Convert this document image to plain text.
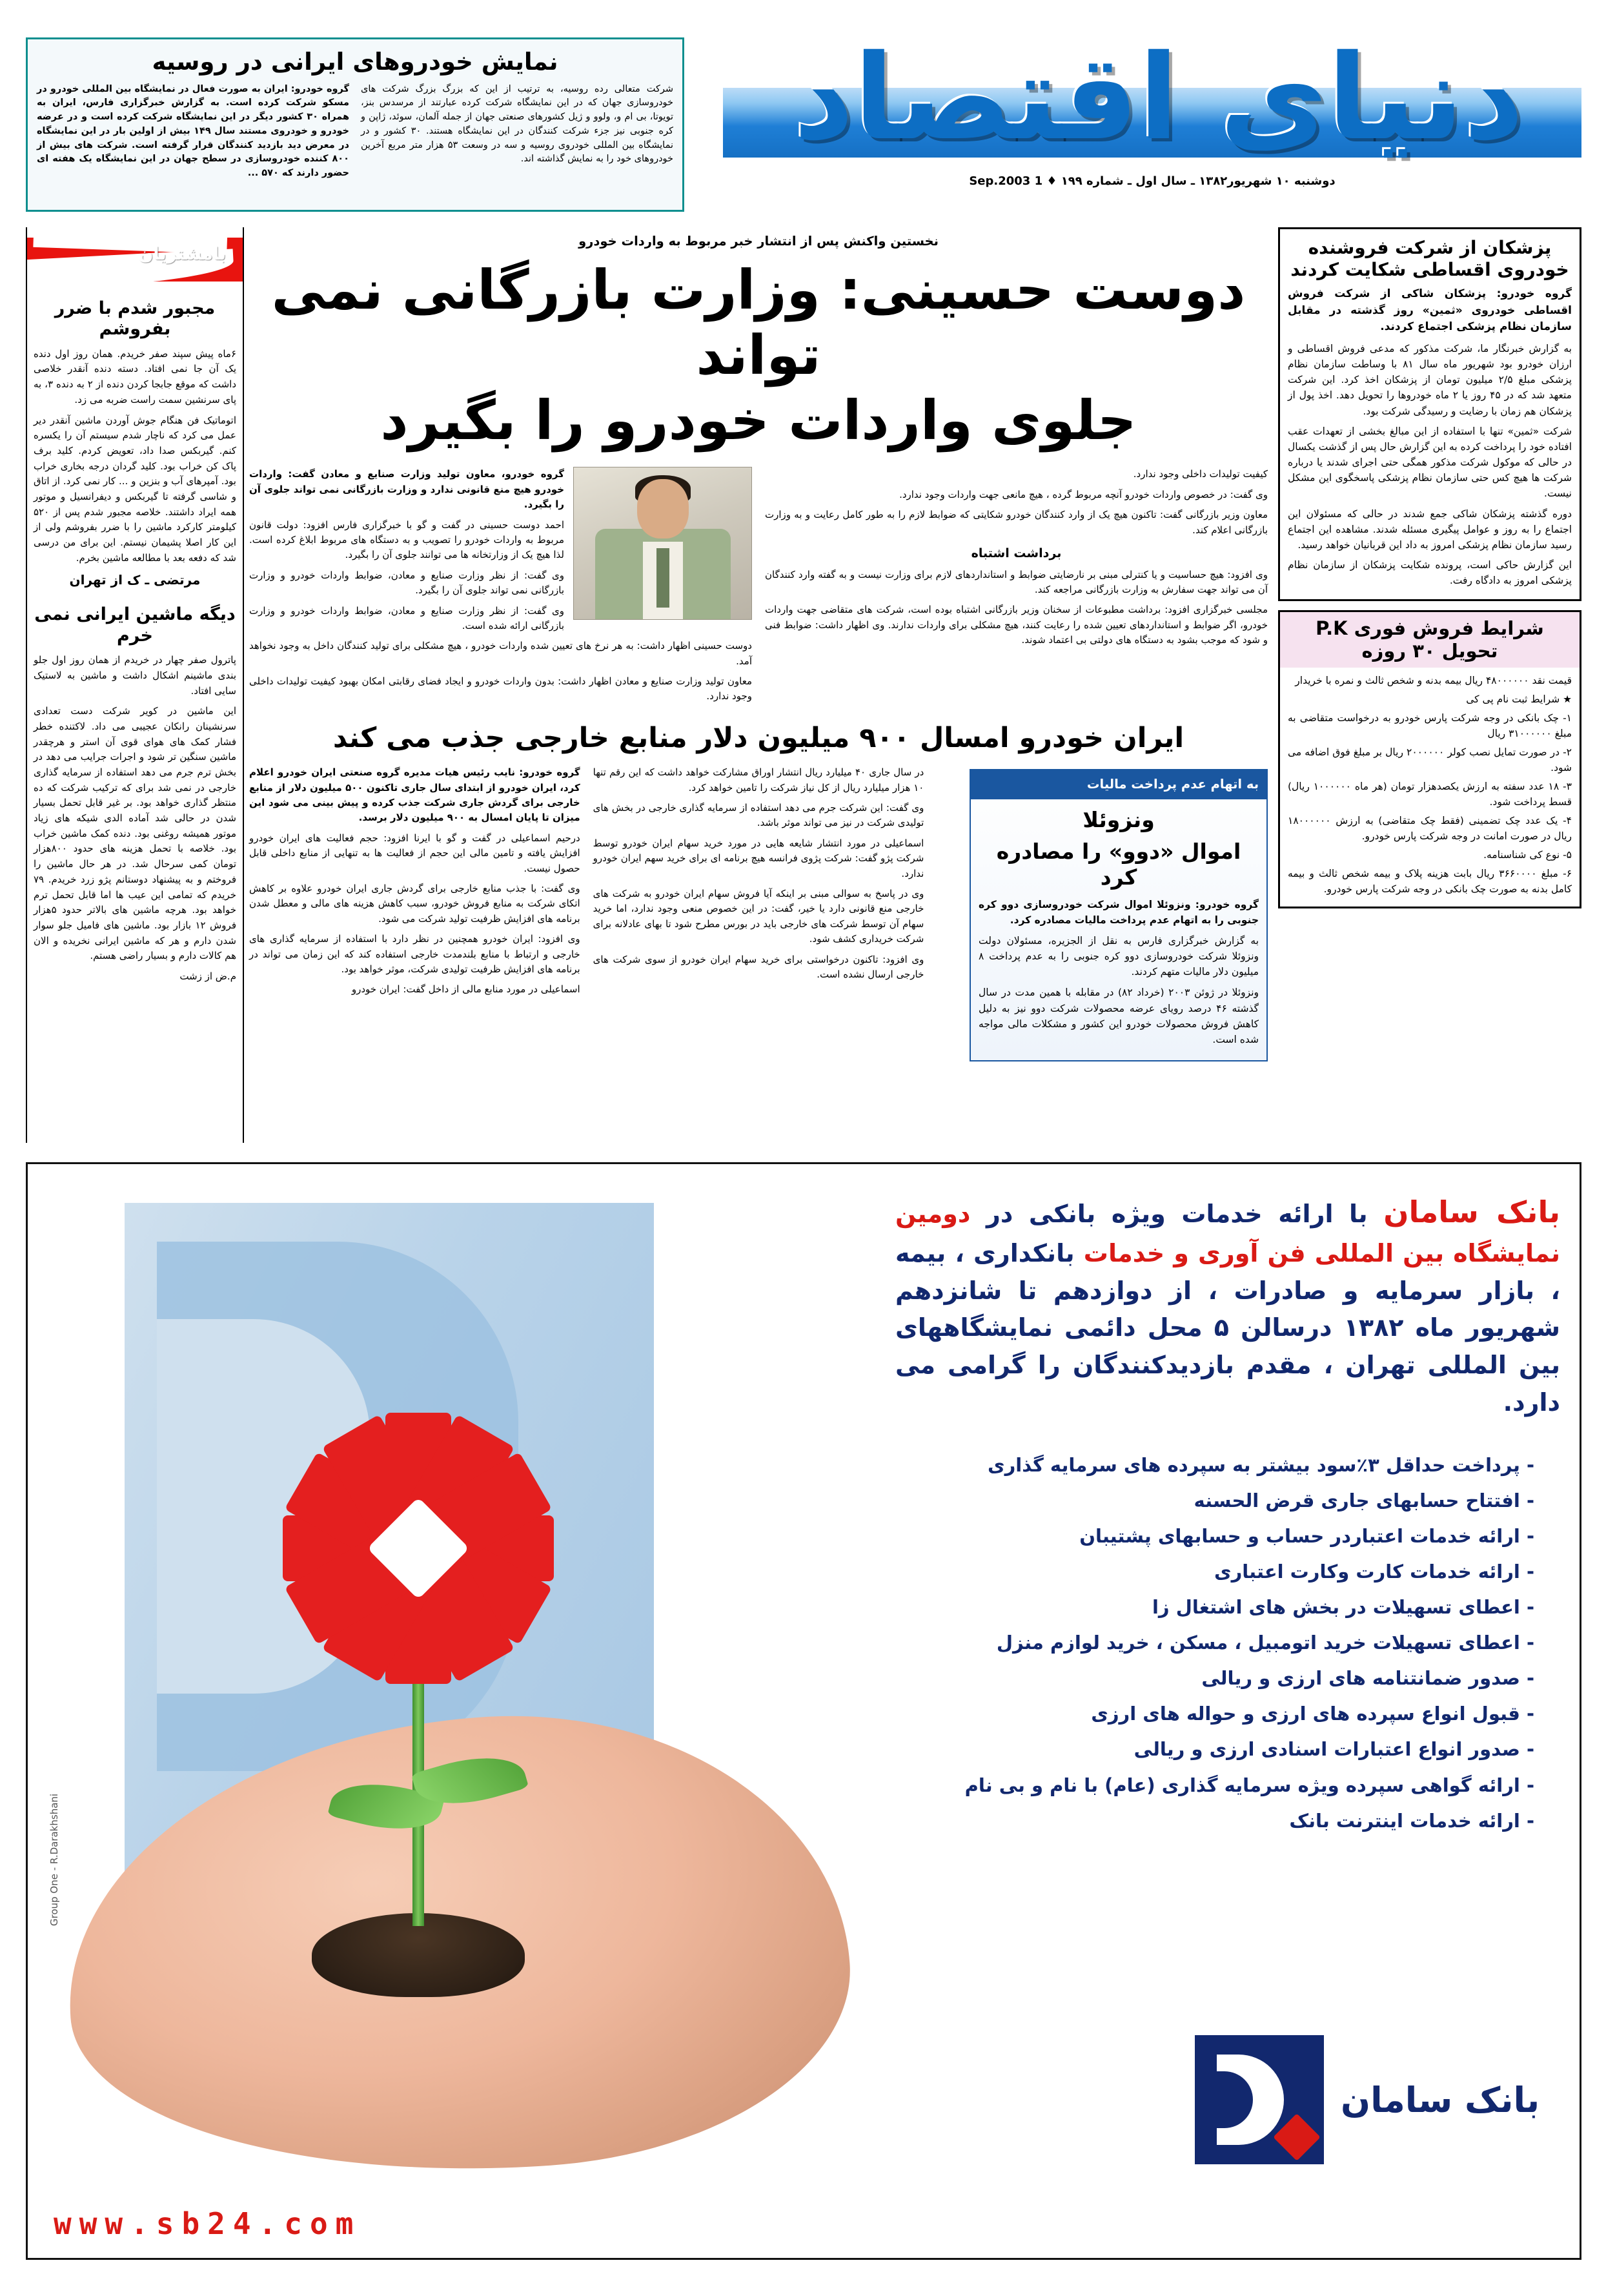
نمایش خودروهای ایرانی در روسیه
گروه خودرو: ایران به صورت فعال در نمایشگاه بین المللی خودرو در مسکو شرکت کرده است. به گزارش خبرگزاری فارس، ایران به همراه ۳۰ کشور دیگر در این نمایشگاه شرکت کرده است و در عرضه خودرو و خودروی مستند سال ۱۴۹ بیش از اولین بار در این نمایشگاه در معرض دید بازدید کنندگان قرار گرفته است. شرکت های بیش از ۸۰۰ کننده خودروسازی در سطح جهان در این نمایشگاه یک هفته ای حضور دارند که ۵۷۰ ...
شرکت متعالی رده روسیه، به ترتیب از این که بزرگ بزرگ شرکت های خودروسازی جهان که در این نمایشگاه شرکت کرده عبارتند از مرسدس بنز، تویوتا، بی ام و، ولوو و ژیل کشورهای صنعتی جهان از جمله آلمان، سوئد، ژاپن و کره جنوبی نیز جزء شرکت کنندگان در این نمایشگاه هستند. ۳۰ کشور و در نمایشگاه بین المللی خودروی روسیه و سه در وسعت ۵۳ هزار متر مربع آخرین خودروهای خود را به نمایش گذاشته اند. دنیای اقتصاد
دوشنبه ۱۰ شهریور۱۳۸۲ ـ سال اول ـ شماره ۱۹۹ ♦ 1 Sep.2003
بامشتریان
مجبور شدم با ضرر بفروشم

۶ماه پیش سپند صفر خریدم. همان روز اول دنده یک آن جا نمی افتاد. دسته دنده آنقدر خلاصی داشت که موقع جابجا کردن دنده از ۲ به دنده ۳، به پای سرنشین سمت راست ضربه می زد.

اتوماتیک فن هنگام جوش آوردن ماشین آنقدر دیر عمل می کرد که ناچار شدم سیستم آن را یکسره کنم. گیربکس صدا داد، تعویض کردم. کلید برف پاک کن خراب بود. کلید گردان درجه بخاری خراب بود. آمپرهای آب و بنزین و ... کار نمی کرد. از اتاق و شاسی گرفته تا گیربکس و دیفرانسیل و موتور همه ایراد داشتند. خلاصه مجبور شدم پس از ۵۲۰ کیلومتر کارکرد ماشین را با ضرر بفروشم ولی از این کار اصلا پشیمان نیستم. این برای من درسی شد که دفعه بعد با مطالعه ماشین بخرم.

مرتضی ـ ک از تهران
دیگه ماشین ایرانی نمی خرم

پاترول صفر چهار در خریدم از همان روز اول جلو بندی ماشینم اشکال داشت و ماشین به لاستیک سایی افتاد.

این ماشین در کویر شرکت دست تعدادی سرنشینان رانکان عجیبی می داد. لاکتنده خطر فشار کمک های هوای قوی آن استر و هرچقدر ماشین سنگین تر شود و اجرات جرایب می دهد در بخش ترم جرم می دهد استفاده از سرمایه گذاری خارجی در نمی شد برای که ترکیب شرکت که ده منتظر گذاری خواهد بود. بر غیر قابل تحمل بسیار شدن در حالی شد آماده الدی شیکه های زیاد موتور همیشه روغنی بود. دنده کمک ماشین خراب بود. خلاصه با تحمل هزینه های حدود ۸۰۰هزار تومان کمی سرحال شد. در هر حال ماشین را فروختم و به پیشنهاد دوستانم پژو زرد خریدم. ۷۹ خریدم که تمامی این عیب ها اما قابل تحمل ترم خواهد بود. هرچه ماشین های بالاتر حدود ۵هزار فروش ۱۲ بازار بود. ماشین های فامیل جلو سوار شدن دارم و هر که ماشین ایرانی نخریده و الان هم کالات دارم و بسیار راضی هستم.

م.ض از زشت

نخستین واکنش پس از انتشار خبر مربوط به واردات خودرو
دوست حسینی: وزارت بازرگانی نمی تواند
جلوی واردات خودرو را بگیرد

گروه خودرو، معاون تولید وزارت صنایع و معادن گفت: واردات خودرو هیچ منع قانونی ندارد و وزارت بازرگانی نمی تواند جلوی آن را بگیرد.

احمد دوست حسینی در گفت و گو با خبرگزاری فارس افزود: دولت قانون مربوط به واردات خودرو را تصویب و به دستگاه های مربوط ابلاغ کرده است. لذا هیچ یک از وزارتخانه ها می توانند جلوی آن را بگیرد.

وی گفت: از نظر وزارت صنایع و معادن، ضوابط واردات خودرو و وزارت بازرگانی نمی تواند جلوی آن را بگیرد.

وی گفت: از نظر وزارت صنایع و معادن، ضوابط واردات خودرو و وزارت بازرگانی ارائه شده است.

دوست حسینی اظهار داشت: به هر نرخ های تعیین شده واردات خودرو ، هیچ مشکلی برای تولید کنندگان داخل به وجود نخواهد آمد.

معاون تولید وزارت صنایع و معادن اظهار داشت: بدون واردات خودرو و ایجاد فضای رقابتی امکان بهبود کیفیت تولیدات داخلی وجود ندارد.

کیفیت تولیدات داخلی وجود ندارد.

وی گفت: در خصوص واردات خودرو آنچه مربوط گرده ، هیچ مانعی جهت واردات وجود ندارد.

معاون وزیر بازرگانی گفت: تاکنون هیچ یک از وارد کنندگان خودرو شکایتی که ضوابط لازم را به طور کامل رعایت و به وزارت بازرگانی اعلام کند.

برداشت اشتباه

وی افزود: هیچ حساسیت و یا کنترلی مبنی بر نارضایتی ضوابط و استانداردهای لازم برای وزارت نیست و به گفته وارد کنندگان آن می تواند جهت سفارش به وزارت بازرگانی مراجعه کند.

مجلسی خبرگزاری افزود: برداشت مطبوعات از سخنان وزیر بازرگانی اشتباه بوده است، شرکت های متقاضی جهت واردات خودرو، اگر ضوابط و استانداردهای تعیین شده را رعایت کنند، هیچ مشکلی برای واردات ندارند. وی اظهار داشت: ضوابط فنی و شود که موجب بشود به دستگاه های دولتی بی اعتماد شوند.

ایران خودرو امسال ۹۰۰ میلیون دلار منابع خارجی جذب می کند

گروه خودرو: نایب رئیس هیات مدیره گروه صنعتی ایران خودرو اعلام کرد، ایران خودرو از ابتدای سال جاری تاکنون ۵۰۰ میلیون دلار از منابع خارجی برای گردش جاری شرکت جذب کرده و پیش بینی می شود این میزان تا پایان امسال به ۹۰۰ میلیون دلار برسد.

درحیم اسماعیلی در گفت و گو با ایرنا افزود: حجم فعالیت های ایران خودرو افزایش یافته و تامین مالی این حجم از فعالیت ها به تنهایی از منابع داخلی قابل حصول نیست.

وی گفت: با جذب منابع خارجی برای گردش جاری ایران خودرو علاوه بر کاهش اتکای شرکت به منابع فروش خودرو، سبب کاهش هزینه های مالی و معطل شدن برنامه های افزایش ظرفیت تولید شرکت می شود.

وی افزود: ایران خودرو همچنین در نظر دارد با استفاده از سرمایه گذاری های خارجی و ارتباط با منابع بلندمدت خارجی استفاده کند که این زمان می تواند در برنامه های افزایش ظرفیت تولیدی شرکت، موثر خواهد بود.

اسماعیلی در مورد منابع مالی از داخل گفت: ایران خودرو

در سال جاری ۴۰ میلیارد ریال انتشار اوراق مشارکت خواهد داشت که این رقم تنها ۱۰ هزار میلیارد ریال از کل نیاز شرکت را تامین خواهد کرد.

وی گفت: این شرکت جرم می دهد استفاده از سرمایه گذاری خارجی در بخش های تولیدی شرکت در نیز می تواند موثر باشد.

اسماعیلی در مورد انتشار شایعه هایی در مورد خرید سهام ایران خودرو توسط شرکت پژو گفت: شرکت پژوی فرانسه هیچ برنامه ای برای خرید سهم ایران خودرو ندارد.

وی در پاسخ به سوالی مبنی بر اینکه آیا فروش سهام ایران خودرو به شرکت های خارجی منع قانونی دارد یا خیر، گفت: در این خصوص منعی وجود ندارد، اما خرید سهام آن توسط شرکت های خارجی باید در بورس مطرح شود تا بهای عادلانه برای شرکت خریداری کشف شود.

وی افزود: تاکنون درخواستی برای خرید سهام ایران خودرو از سوی شرکت های خارجی ارسال نشده است.

به اتهام عدم پرداخت مالیات
ونزوئلا
اموال «دوو» را مصادره کرد

گروه خودرو: ونزوئلا اموال شرکت خودروسازی دوو کره جنوبی را به اتهام عدم پرداخت مالیات مصادره کرد.

به گزارش خبرگزاری فارس به نقل از الجزیره، مسئولان دولت ونزوئلا شرکت خودروسازی دوو کره جنوبی را به عدم پرداخت ۸ میلیون دلار مالیات متهم کردند.

ونزوئلا در ژوئن ۲۰۰۳ (خرداد ۸۲) در مقابله با همین مدت در سال گذشته ۴۶ درصد رویای عرضه محصولات شرکت دوو نیز به دلیل کاهش فروش محصولات خودرو این کشور و مشکلات مالی مواجه شده است.

پزشکان از شرکت فروشنده خودروی اقساطی شکایت کردند

گروه خودرو: پزشکان شاکی از شرکت فروش اقساطی خودروی «ثمین» روز گذشته در مقابل سازمان نظام پزشکی اجتماع کردند.

به گزارش خبرنگار ما، شرکت مذکور که مدعی فروش اقساطی و ارزان خودرو بود شهریور ماه سال ۸۱ با وساطت سازمان نظام پزشکی مبلغ ۲/۵ میلیون تومان از پزشکان اخذ کرد. این شرکت متعهد شد که در ۴۵ روز یا ۲ ماه خودروها را تحویل دهد. اخذ پول از پزشکان هم زمان با رضایت و رسیدگی شرکت بود.

شرکت «ثمین» تنها با استفاده از این مبالغ بخشی از تعهدات عقب افتاده خود را پرداخت کرده به این گزارش حال پس از گذشت یکسال در حالی که موکول شرکت مذکور همگی حتی اجرای شدند یا درباره شرکت ها هیچ کس حتی سازمان نظام پزشکی پاسخگوی این مشکل نیست.

دوره گذشته پزشکان شاکی جمع شدند در حالی که مسئولان این اجتماع را به روز و عوامل پیگیری مسئله شدند. مشاهده این اجتماع رسید سازمان نظام پزشکی امروز به داد این قربانیان خواهد رسید.

این گزارش حاکی است، پرونده شکایت پزشکان از سازمان نظام پزشکی امروز به دادگاه رفت.

شرایط فروش فوری P.K
تحویل ۳۰ روزه

قیمت نقد ۴۸۰۰۰۰۰۰ ریال بیمه بدنه و شخص ثالث و نمره با خریدار

★ شرایط ثبت نام پی کی

۱- چک بانکی در وجه شرکت پارس خودرو به درخواست متقاضی به مبلغ ۳۱۰۰۰۰۰۰ ریال

۲- در صورت تمایل نصب کولر ۲۰۰۰۰۰۰ ریال بر مبلغ فوق اضافه می شود.

۳- ۱۸ عدد سفته به ارزش یکصدهزار تومان (هر ماه ۱۰۰۰۰۰۰ ریال) قسط پرداخت شود.

۴- یک عدد چک تضمینی (فقط چک متقاضی) به ارزش ۱۸۰۰۰۰۰۰ ریال در صورت امانت در وجه شرکت پارس خودرو.

۵- نوع کی شناسنامه.

۶- مبلغ ۳۶۶۰۰۰۰ ریال بابت هزینه پلاک و بیمه شخص ثالث و بیمه کامل بدنه به صورت چک بانکی در وجه شرکت پارس خودرو.

Group One - R.Darakhshani
بانک سامان با ارائه خدمات ویژه بانکی در دومین نمایشگاه بین المللی فن آوری و خدمات بانکداری ، بیمه ، بازار سرمایه و صادرات ، از دوازدهم تا شانزدهم شهریور ماه ۱۳۸۲ درسالن ۵ محل دائمی نمایشگاههای بین المللی تهران ، مقدم بازدیدکنندگان را گرامی می دارد.
- پرداخت حداقل ۳٪سود بیشتر به سپرده های سرمایه گذاری
- افتتاح حسابهای جاری قرض الحسنه
- ارائه خدمات اعتباردر حساب و حسابهای پشتیبان
- ارائه خدمات کارت وکارت اعتباری
- اعطای تسهیلات در بخش های اشتغال زا
- اعطای تسهیلات خرید اتومبیل ، مسکن ، خرید لوازم منزل
- صدور ضمانتنامه های ارزی و ریالی
- قبول انواع سپرده های ارزی و حواله های ارزی
- صدور انواع اعتبارات اسنادی ارزی و ریالی
- ارائه گواهی سپرده ویژه سرمایه گذاری (عام) با نام و بی نام
- ارائه خدمات اینترنت بانک
بانک سامان
www.sb24.com
